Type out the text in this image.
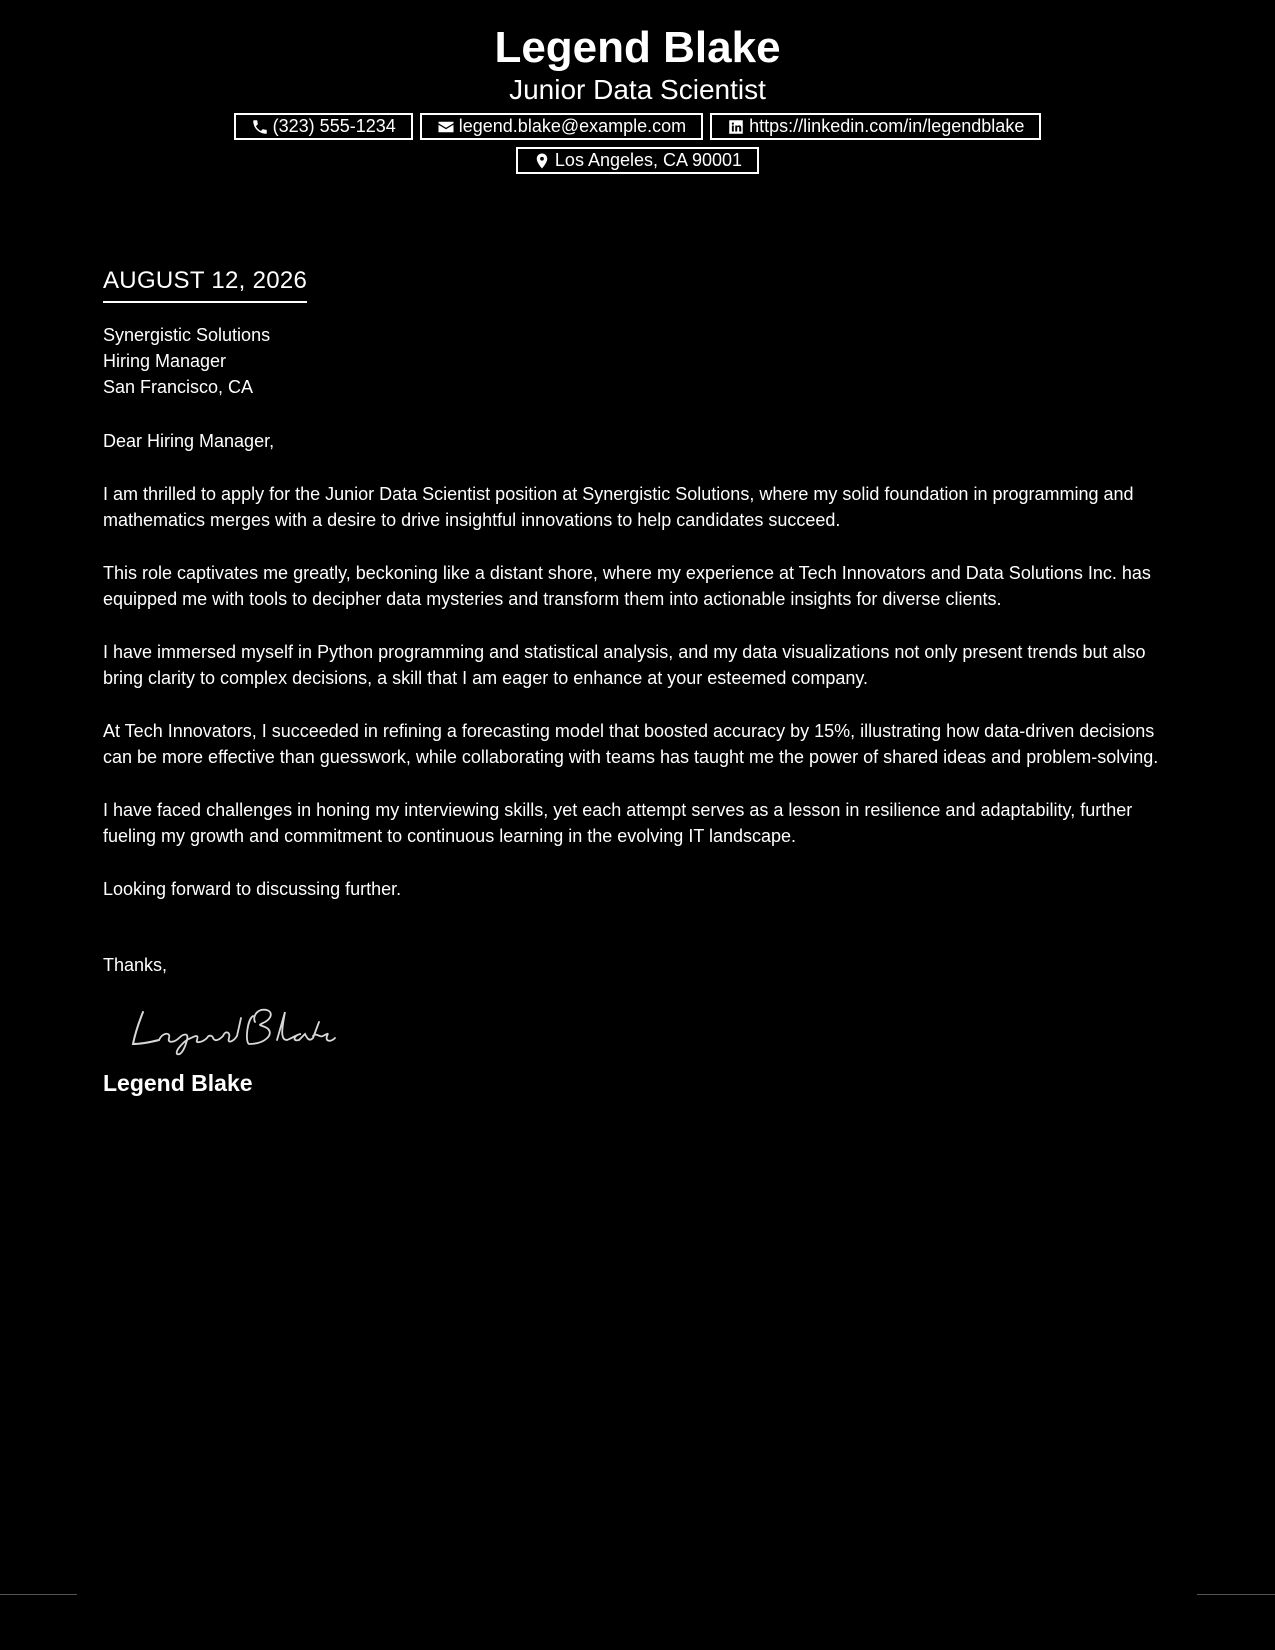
Legend Blake
Junior Data Scientist
(323) 555-1234	legend.blake@example.com	https://linkedin.com/in/legendblake
Los Angeles, CA 90001
AUGUST 12, 2026
Synergistic Solutions
Hiring Manager
San Francisco, CA
Dear Hiring Manager,
I am thrilled to apply for the Junior Data Scientist position at Synergistic Solutions, where my solid foundation in programming and mathematics merges with a desire to drive insightful innovations to help candidates succeed.
This role captivates me greatly, beckoning like a distant shore, where my experience at Tech Innovators and Data Solutions Inc. has equipped me with tools to decipher data mysteries and transform them into actionable insights for diverse clients.
I have immersed myself in Python programming and statistical analysis, and my data visualizations not only present trends but also bring clarity to complex decisions, a skill that I am eager to enhance at your esteemed company.
At Tech Innovators, I succeeded in refining a forecasting model that boosted accuracy by 15%, illustrating how data-driven decisions can be more effective than guesswork, while collaborating with teams has taught me the power of shared ideas and problem-solving.
I have faced challenges in honing my interviewing skills, yet each attempt serves as a lesson in resilience and adaptability, further fueling my growth and commitment to continuous learning in the evolving IT landscape.
Looking forward to discussing further.
Thanks,
Legend Blake
